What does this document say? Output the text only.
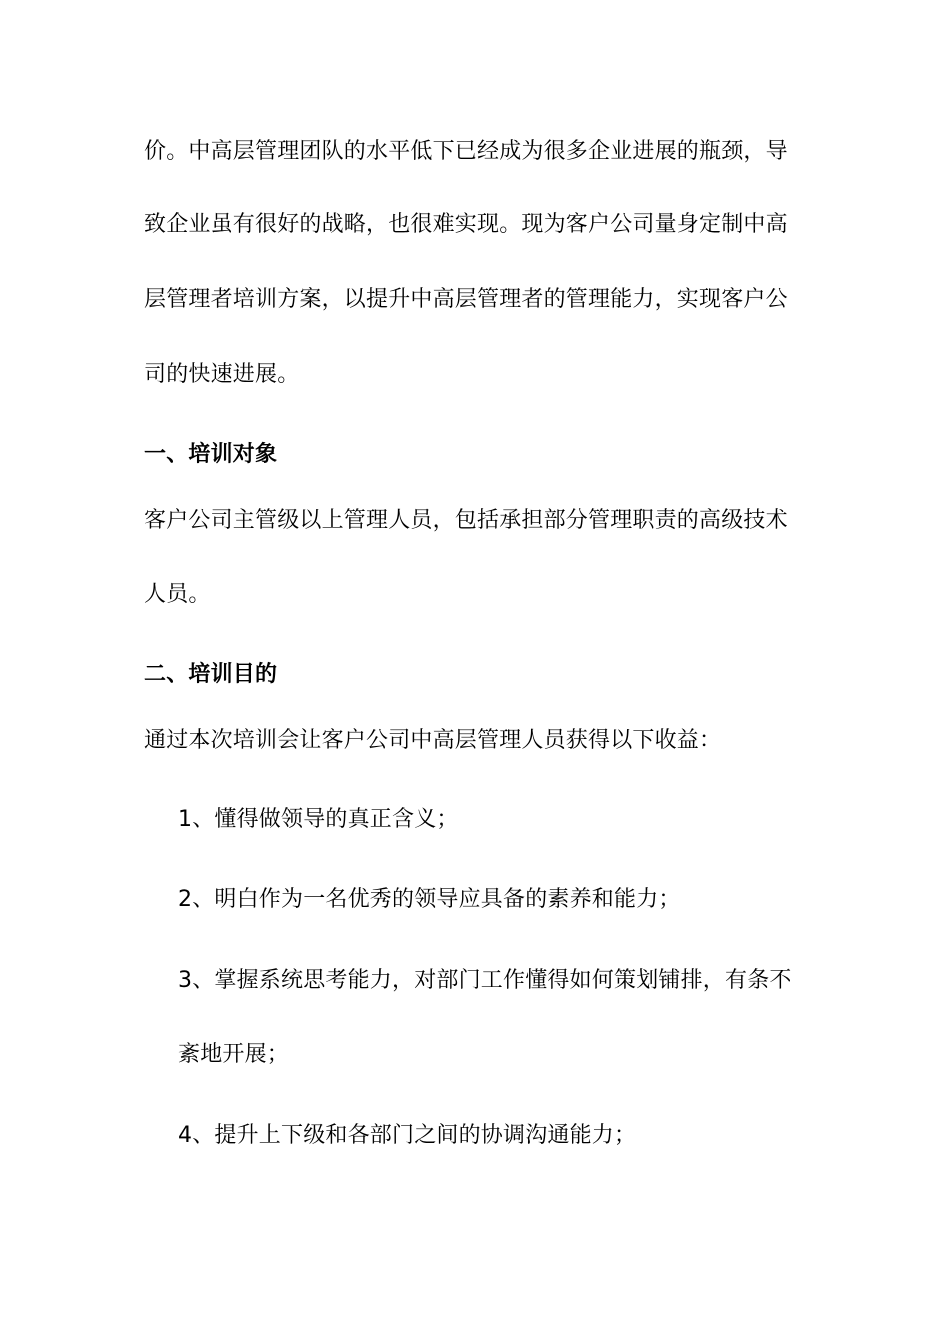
价。中高层管理团队的水平低下已经成为很多企业进展的瓶颈，导
致企业虽有很好的战略，也很难实现。现为客户公司量身定制中高
层管理者培训方案，以提升中高层管理者的管理能力，实现客户公
司的快速进展。
一、培训对象
客户公司主管级以上管理人员，包括承担部分管理职责的高级技术
人员。
二、培训目的
通过本次培训会让客户公司中高层管理人员获得以下收益：
1、懂得做领导的真正含义；
2、明白作为一名优秀的领导应具备的素养和能力；
3、掌握系统思考能力，对部门工作懂得如何策划铺排，有条不
紊地开展；
4、提升上下级和各部门之间的协调沟通能力；
